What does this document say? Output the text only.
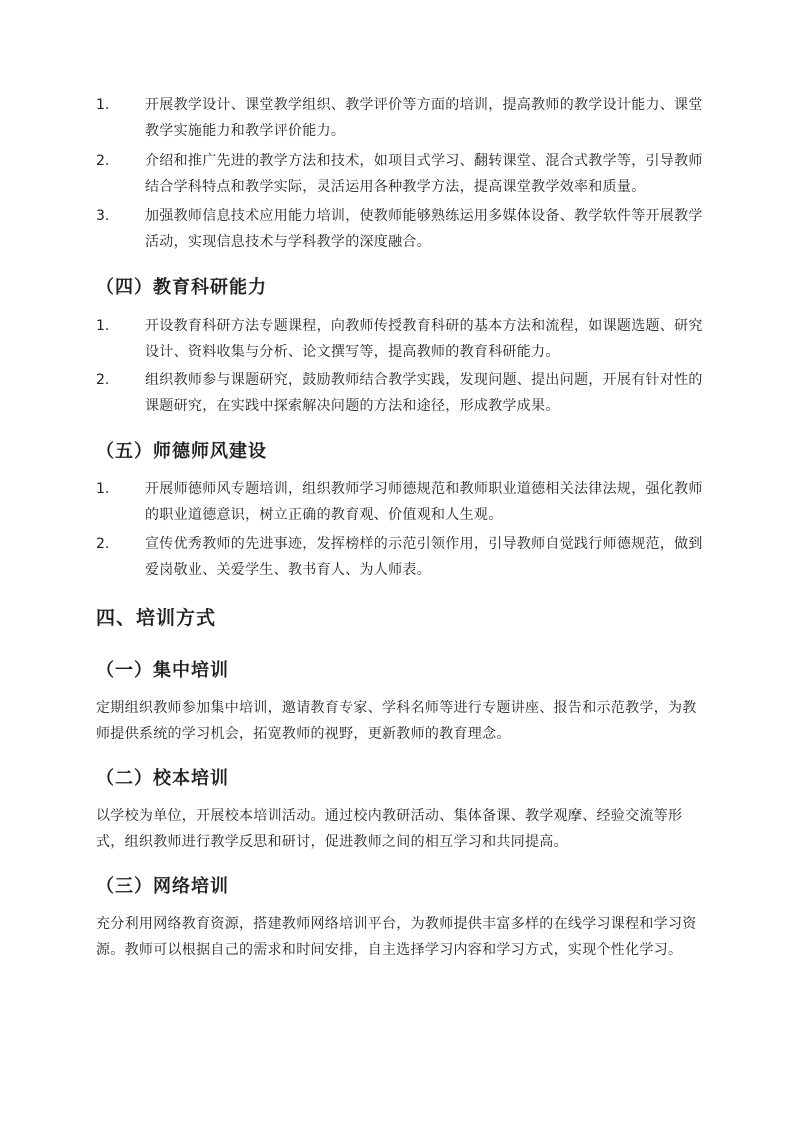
1.	开展教学设计、课堂教学组织、教学评价等方面的培训，提高教师的教学设计能力、课堂教学实施能力和教学评价能力。
2.	介绍和推广先进的教学方法和技术，如项目式学习、翻转课堂、混合式教学等，引导教师结合学科特点和教学实际，灵活运用各种教学方法，提高课堂教学效率和质量。
3.	加强教师信息技术应用能力培训，使教师能够熟练运用多媒体设备、教学软件等开展教学活动，实现信息技术与学科教学的深度融合。
（四）教育科研能力
1.	开设教育科研方法专题课程，向教师传授教育科研的基本方法和流程，如课题选题、研究设计、资料收集与分析、论文撰写等，提高教师的教育科研能力。
2.	组织教师参与课题研究，鼓励教师结合教学实践，发现问题、提出问题，开展有针对性的课题研究，在实践中探索解决问题的方法和途径，形成教学成果。
（五）师德师风建设
1.	开展师德师风专题培训，组织教师学习师德规范和教师职业道德相关法律法规，强化教师的职业道德意识，树立正确的教育观、价值观和人生观。
2.	宣传优秀教师的先进事迹，发挥榜样的示范引领作用，引导教师自觉践行师德规范，做到爱岗敬业、关爱学生、教书育人、为人师表。
四、培训方式
（一）集中培训
定期组织教师参加集中培训，邀请教育专家、学科名师等进行专题讲座、报告和示范教学，为教师提供系统的学习机会，拓宽教师的视野，更新教师的教育理念。
（二）校本培训
以学校为单位，开展校本培训活动。通过校内教研活动、集体备课、教学观摩、经验交流等形式，组织教师进行教学反思和研讨，促进教师之间的相互学习和共同提高。
（三）网络培训
充分利用网络教育资源，搭建教师网络培训平台，为教师提供丰富多样的在线学习课程和学习资源。教师可以根据自己的需求和时间安排，自主选择学习内容和学习方式，实现个性化学习。
